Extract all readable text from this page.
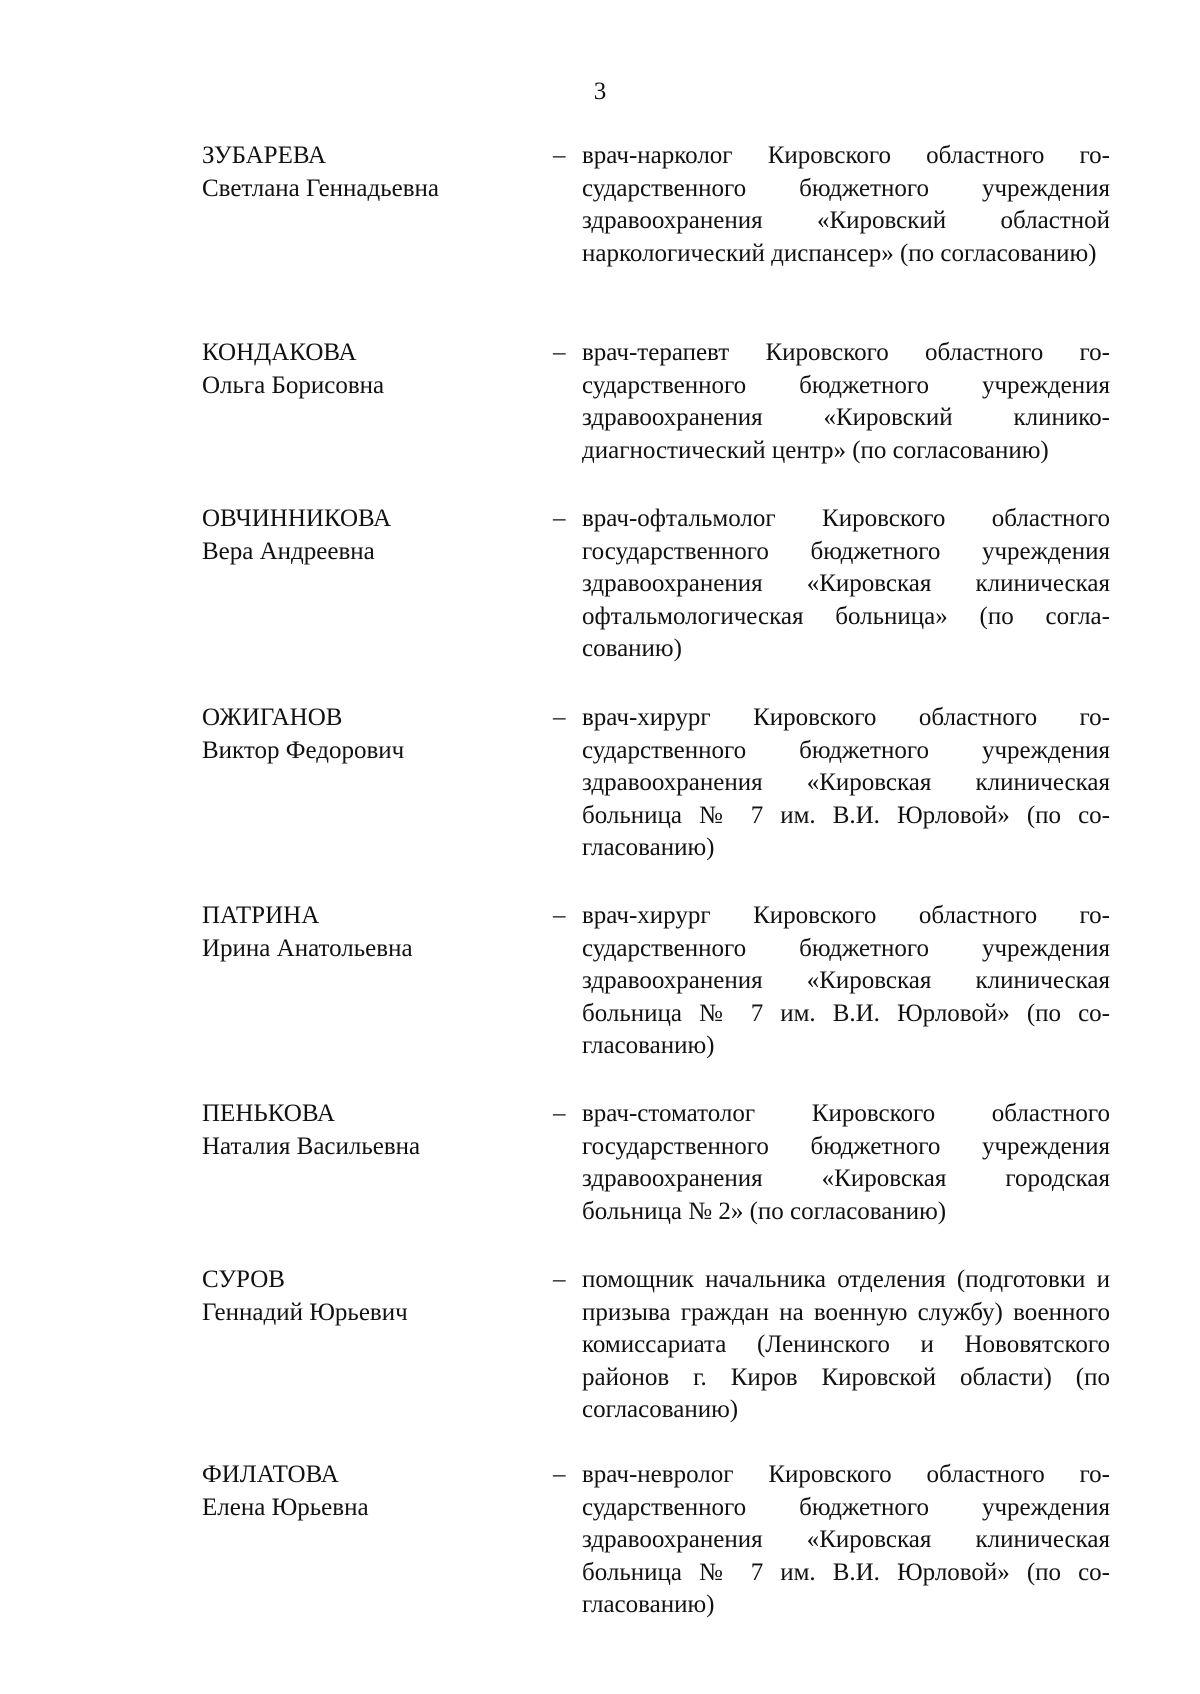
3
ЗУБАРЕВА
Светлана Геннадьевна
– врач-нарколог Кировского областного государственного бюджетного учреждения здравоохранения «Кировский областной наркологический диспансер» (по согласованию)
КОНДАКОВА
Ольга Борисовна
– врач-терапевт Кировского областного государственного бюджетного учреждения здравоохранения «Кировский клинико-диагностический центр» (по согласованию)
ОВЧИННИКОВА
Вера Андреевна
– врач-офтальмолог Кировского областного государственного бюджетного учреждения здравоохранения «Кировская клиническая офтальмологическая больница» (по согласованию)
ОЖИГАНОВ
Виктор Федорович
– врач-хирург Кировского областного государственного бюджетного учреждения здравоохранения «Кировская клиническая больница № 7 им. В.И. Юрловой» (по согласованию)
ПАТРИНА
Ирина Анатольевна
– врач-хирург Кировского областного государственного бюджетного учреждения здравоохранения «Кировская клиническая больница № 7 им. В.И. Юрловой» (по согласованию)
ПЕНЬКОВА
Наталия Васильевна
– врач-стоматолог Кировского областного государственного бюджетного учреждения здравоохранения «Кировская городская больница № 2» (по согласованию)
СУРОВ
Геннадий Юрьевич
– помощник начальника отделения (подготовки и призыва граждан на военную службу) военного комиссариата (Ленинского и Нововятского районов г. Киров Кировской области) (по согласованию)
ФИЛАТОВА
Елена Юрьевна
– врач-невролог Кировского областного государственного бюджетного учреждения здравоохранения «Кировская клиническая больница № 7 им. В.И. Юрловой» (по согласованию)
